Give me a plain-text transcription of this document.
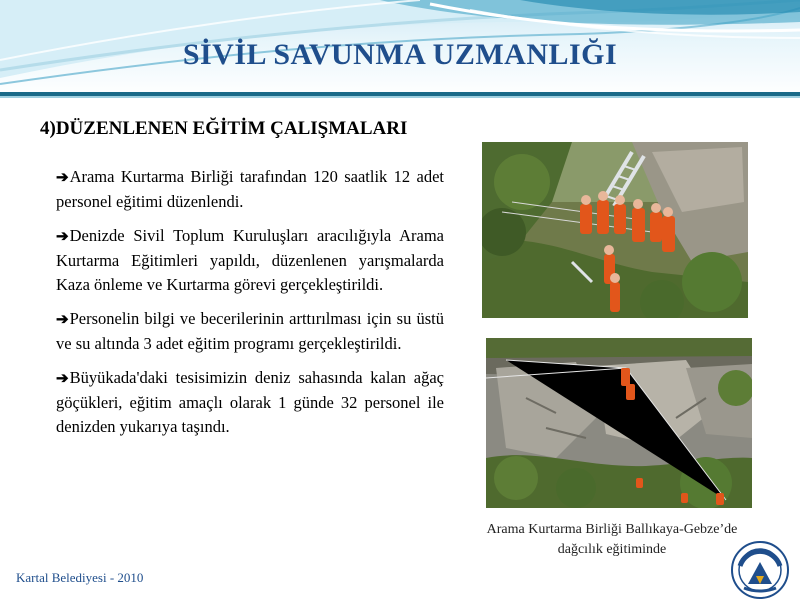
SİVİL SAVUNMA UZMANLIĞI
4)DÜZENLENEN EĞİTİM ÇALIŞMALARI
➔Arama Kurtarma Birliği tarafından 120 saatlik 12 adet personel eğitimi düzenlendi.
➔Denizde Sivil Toplum Kuruluşları aracılığıyla Arama Kurtarma Eğitimleri yapıldı, düzenlenen yarışmalarda Kaza önleme ve Kurtarma görevi gerçekleştirildi.
➔Personelin bilgi ve becerilerinin arttırılması için su üstü ve su altında 3 adet eğitim programı gerçekleştirildi.
➔Büyükada'daki tesisimizin deniz sahasında kalan ağaç göçükleri, eğitim amaçlı olarak 1 günde 32 personel ile denizden yukarıya taşındı.
Arama Kurtarma Birliği Ballıkaya-Gebze’de
dağcılık eğitiminde
Kartal Belediyesi - 2010
